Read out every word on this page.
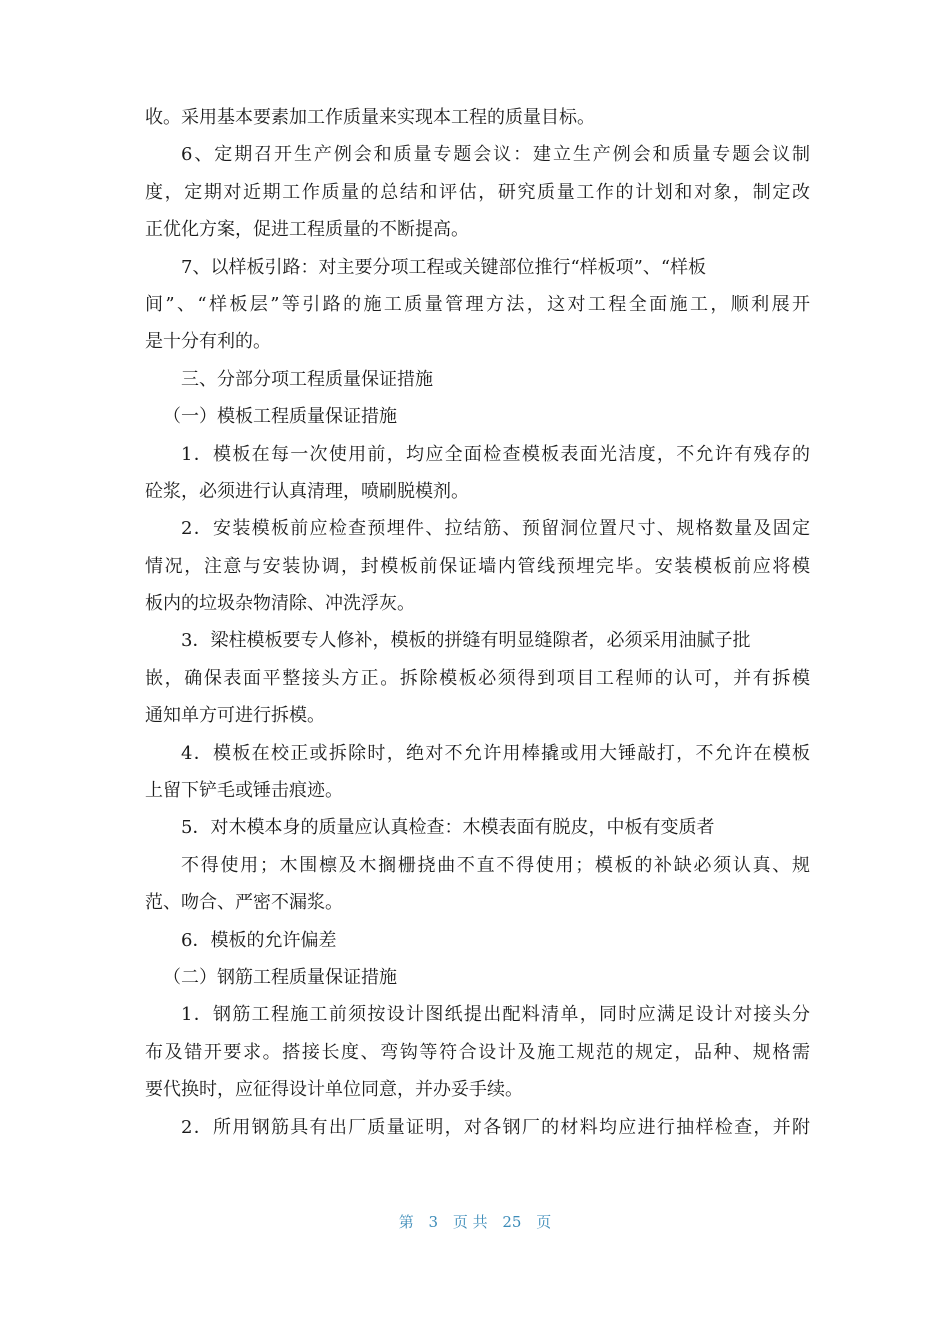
收。采用基本要素加工作质量来实现本工程的质量目标。
6、定期召开生产例会和质量专题会议：建立生产例会和质量专题会议制
度，定期对近期工作质量的总结和评估，研究质量工作的计划和对象，制定改
正优化方案，促进工程质量的不断提高。
7、以样板引路：对主要分项工程或关键部位推行“样板项”、“样板
间”、“样板层”等引路的施工质量管理方法，这对工程全面施工，顺利展开
是十分有利的。
三、分部分项工程质量保证措施
（一）模板工程质量保证措施
1．模板在每一次使用前，均应全面检查模板表面光洁度，不允许有残存的
砼浆，必须进行认真清理，喷刷脱模剂。
2．安装模板前应检查预埋件、拉结筋、预留洞位置尺寸、规格数量及固定
情况，注意与安装协调，封模板前保证墙内管线预埋完毕。安装模板前应将模
板内的垃圾杂物清除、冲洗浮灰。
3．梁柱模板要专人修补，模板的拼缝有明显缝隙者，必须采用油腻子批
嵌，确保表面平整接头方正。拆除模板必须得到项目工程师的认可，并有拆模
通知单方可进行拆模。
4．模板在校正或拆除时，绝对不允许用棒撬或用大锤敲打，不允许在模板
上留下铲毛或锤击痕迹。
5．对木模本身的质量应认真检查：木模表面有脱皮，中板有变质者
不得使用；木围檩及木搁栅挠曲不直不得使用；模板的补缺必须认真、规
范、吻合、严密不漏浆。
6．模板的允许偏差
（二）钢筋工程质量保证措施
1．钢筋工程施工前须按设计图纸提出配料清单，同时应满足设计对接头分
布及错开要求。搭接长度、弯钩等符合设计及施工规范的规定，品种、规格需
要代换时，应征得设计单位同意，并办妥手续。
2．所用钢筋具有出厂质量证明，对各钢厂的材料均应进行抽样检查，并附
第 3 页 共 25 页
